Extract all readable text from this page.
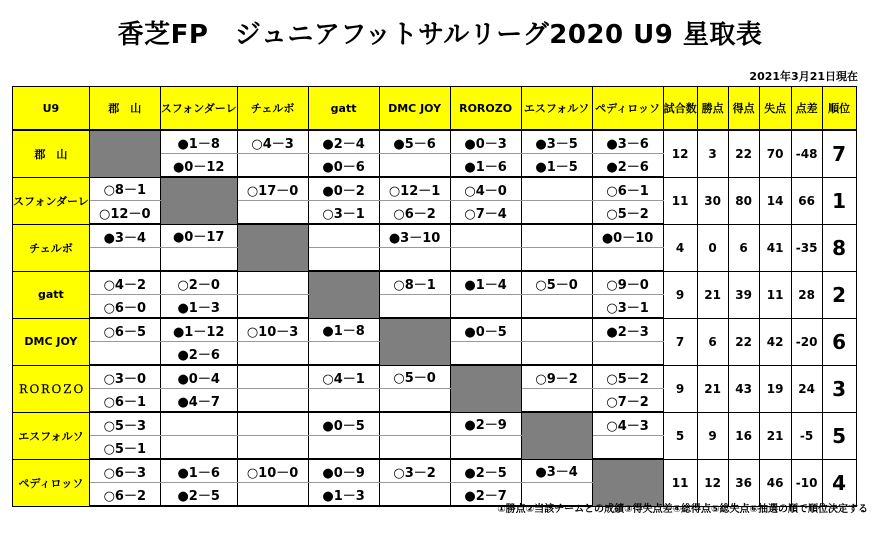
香芝FP　ジュニアフットサルリーグ2020 U9 星取表
2021年3月21日現在
U9	郡　山	スフォンダーレ	チェルボ	gatt	DMC JOY	ROROZO	エスフォルソ	ペディロッソ	試合数	勝点	得点	失点	点差	順位
郡　山		●1－8	○4－3	●2－4	●5－6	●0－3	●3－5	●3－6	12	3	22	70	-48	7
		●0－12		●0－6		●1－6	●1－5	●2－6						
スフォンダーレ	○8－1		○17－0	●0－2	○12－1	○4－0		○6－1	11	30	80	14	66	1
	○12－0			○3－1	○6－2	○7－4		○5－2						
チェルボ	●3－4	●0－17			●3－10			●0－10	4	0	6	41	-35	8

gatt	○4－2	○2－0			○8－1	●1－4	○5－0	○9－0	9	21	39	11	28	2
	○6－0	●1－3						○3－1						
DMC JOY	○6－5	●1－12	○10－3	●1－8		●0－5		●2－3	7	6	22	42	-20	6
		●2－6												
ＲＯＲＯＺＯ	○3－0	●0－4		○4－1	○5－0		○9－2	○5－2	9	21	43	19	24	3
	○6－1	●4－7						○7－2						
エスフォルソ	○5－3			●0－5		●2－9		○4－3	5	9	16	21	-5	5
	○5－1													
ペディロッソ	○6－3	●1－6	○10－0	●0－9	○3－2	●2－5	●3－4		11	12	36	46	-10	4
	○6－2	●2－5		●1－3		●2－7								
①勝点②当該チームとの成績③得失点差④総得点⑤総失点⑥抽選の順で順位決定する
